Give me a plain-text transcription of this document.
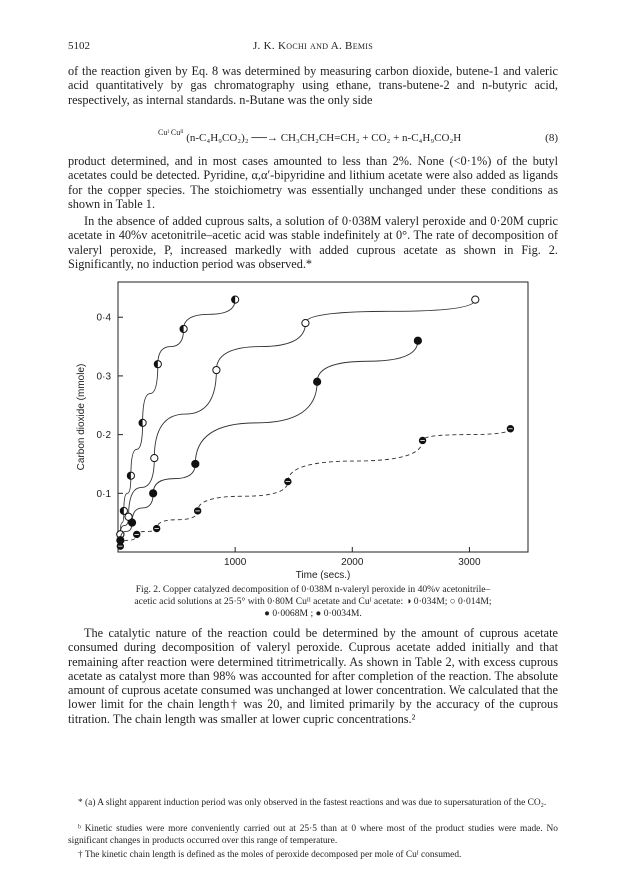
5102	J. K. Kochi and A. Bemis

of the reaction given by Eq. 8 was determined by measuring carbon dioxide, butene-1 and valeric acid quantitatively by gas chromatography using ethane, trans-butene-2 and n-butyric acid, respectively, as internal standards. n-Butane was the only side

$^{Cuᴵ Cuᴵᴵ}$ (n-C₄H₉CO₂)₂ ──→ CH₃CH₂CH=CH₂ + CO₂ + n-C₄H₉CO₂H	(8)

product determined, and in most cases amounted to less than 2%. None (<0·1%) of the butyl acetates could be detected. Pyridine, α,α′-bipyridine and lithium acetate were also added as ligands for the copper species. The stoichiometry was essentially unchanged under these conditions as shown in Table 1.

In the absence of added cuprous salts, a solution of 0·038M valeryl peroxide and 0·20M cupric acetate in 40%v acetonitrile–acetic acid was stable indefinitely at 0°. The rate of decomposition of valeryl peroxide, P, increased markedly with added cuprous acetate as shown in Fig. 2. Significantly, no induction period was observed.*

1000	2000	3000
0·1
0·2
0·3
0·4
Time (secs.)
Carbon dioxide (mmole)
Fig. 2. Copper catalyzed decomposition of 0·038M n-valeryl peroxide in 40%v acetonitrile–
acetic acid solutions at 25·5° with 0·80M Cuᴵᴵ acetate and Cuᴵ acetate: ◑ 0·034M; ○ 0·014M;
● 0·0068M ; ● 0·0034M.

The catalytic nature of the reaction could be determined by the amount of cuprous acetate consumed during decomposition of valeryl peroxide. Cuprous acetate added initially and that remaining after reaction were determined titrimetrically. As shown in Table 2, with excess cuprous acetate as catalyst more than 98% was accounted for after completion of the reaction. The absolute amount of cuprous acetate consumed was unchanged at lower concentration. We calculated that the lower limit for the chain length† was 20, and limited primarily by the accuracy of the cuprous titration. The chain length was smaller at lower cupric concentrations.²

* (a) A slight apparent induction period was only observed in the fastest reactions and was due to supersaturation of the CO₂.

ᵇ Kinetic studies were more conveniently carried out at 25·5 than at 0 where most of the product studies were made. No significant changes in products occurred over this range of temperature.

† The kinetic chain length is defined as the moles of peroxide decomposed per mole of Cuᴵ consumed.
